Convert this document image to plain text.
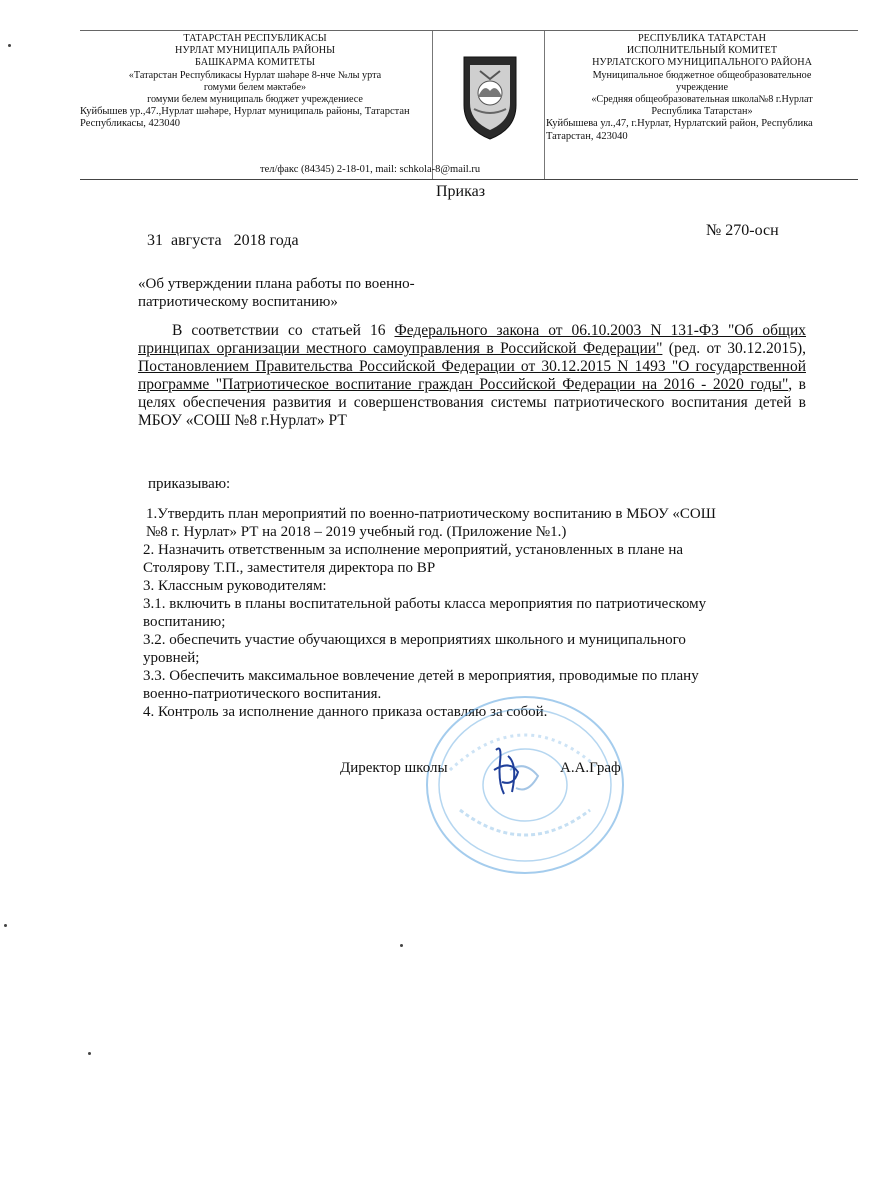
ТАТАРСТАН РЕСПУБЛИКАСЫ
НУРЛАТ МУНИЦИПАЛЬ РАЙОНЫ
БАШКАРМА КОМИТЕТЫ
«Татарстан Республикасы Нурлат шәһәре 8-нче №лы урта
гомуми белем мәктәбе»
гомуми белем муниципаль бюджет учреждениесе
Куйбышев ур.,47.,Нурлат шәһәре, Нурлат муниципаль районы, Татарстан Республикасы, 423040
РЕСПУБЛИКА ТАТАРСТАН
ИСПОЛНИТЕЛЬНЫЙ КОМИТЕТ
НУРЛАТСКОГО МУНИЦИПАЛЬНОГО РАЙОНА
Муниципальное бюджетное общеобразовательное
учреждение
«Средняя общеобразовательная школа№8 г.Нурлат
Республика Татарстан»
Куйбышева ул.,47, г.Нурлат, Нурлатский район, Республика Татарстан, 423040
тел/факс (84345) 2-18-01, mail: schkola-8@mail.ru
Приказ
№ 270-осн
31  августа   2018 года
«Об утверждении плана работы по военно-
патриотическому воспитанию»
В соответствии со статьей 16 Федерального закона от 06.10.2003 N 131-ФЗ "Об общих принципах организации местного самоуправления в Российской Федерации" (ред. от 30.12.2015), Постановлением Правительства Российской Федерации от 30.12.2015 N 1493 "О государственной программе "Патриотическое воспитание граждан Российской Федерации на 2016 - 2020 годы", в целях обеспечения развития и совершенствования системы патриотического воспитания детей в МБОУ «СОШ №8 г.Нурлат» РТ
приказываю:
1.Утвердить план мероприятий по военно-патриотическому воспитанию в МБОУ «СОШ
№8 г. Нурлат» РТ на 2018 – 2019 учебный год. (Приложение №1.)
2. Назначить ответственным за исполнение мероприятий, установленных в плане на
Столярову Т.П., заместителя директора по ВР
3. Классным руководителям:
3.1. включить в планы воспитательной работы класса мероприятия по патриотическому
воспитанию;
3.2. обеспечить участие обучающихся в мероприятиях школьного и муниципального
уровней;
3.3. Обеспечить максимальное вовлечение детей в мероприятия, проводимые по плану
военно-патриотического воспитания.
4. Контроль за исполнение данного приказа оставляю за собой.
Директор школы	А.А.Граф
